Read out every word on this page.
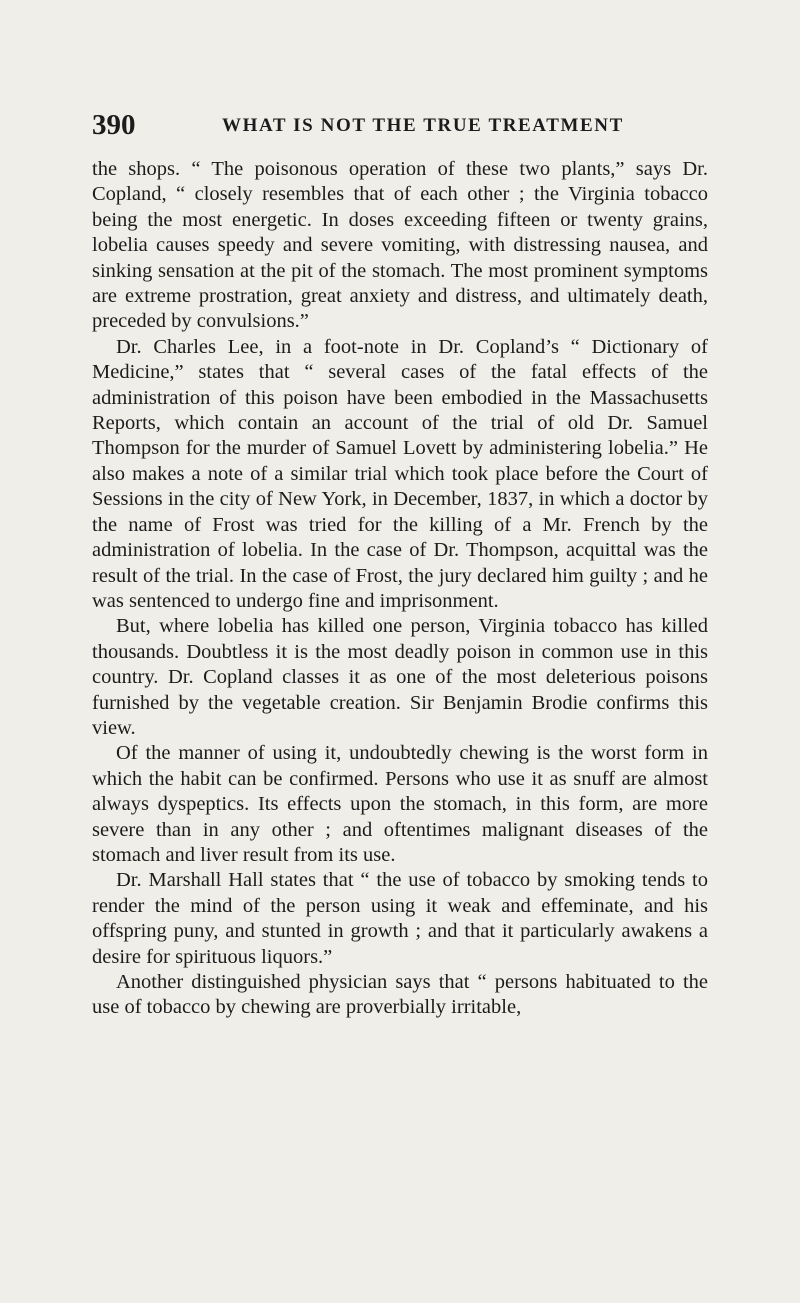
390	WHAT IS NOT THE TRUE TREATMENT

the shops. “ The poisonous operation of these two plants,” says Dr. Copland, “ closely resembles that of each other ; the Virginia tobacco being the most energetic. In doses exceeding fifteen or twenty grains, lobelia causes speedy and severe vomiting, with distressing nausea, and sinking sensation at the pit of the stomach. The most prominent symptoms are extreme prostration, great anxiety and distress, and ultimately death, preceded by convulsions.”

Dr. Charles Lee, in a foot-note in Dr. Copland’s “ Dictionary of Medicine,” states that “ several cases of the fatal effects of the administration of this poison have been embodied in the Massachusetts Reports, which contain an account of the trial of old Dr. Samuel Thompson for the murder of Samuel Lovett by administering lobelia.” He also makes a note of a similar trial which took place before the Court of Sessions in the city of New York, in December, 1837, in which a doctor by the name of Frost was tried for the killing of a Mr. French by the administration of lobelia. In the case of Dr. Thompson, acquittal was the result of the trial. In the case of Frost, the jury declared him guilty ; and he was sentenced to undergo fine and imprisonment.

But, where lobelia has killed one person, Virginia tobacco has killed thousands. Doubtless it is the most deadly poison in common use in this country. Dr. Copland classes it as one of the most deleterious poisons furnished by the vegetable creation. Sir Benjamin Brodie confirms this view.

Of the manner of using it, undoubtedly chewing is the worst form in which the habit can be confirmed. Persons who use it as snuff are almost always dyspeptics. Its effects upon the stomach, in this form, are more severe than in any other ; and oftentimes malignant diseases of the stomach and liver result from its use.

Dr. Marshall Hall states that “ the use of tobacco by smoking tends to render the mind of the person using it weak and effeminate, and his offspring puny, and stunted in growth ; and that it particularly awakens a desire for spirituous liquors.”

Another distinguished physician says that “ persons habituated to the use of tobacco by chewing are proverbially irritable,
